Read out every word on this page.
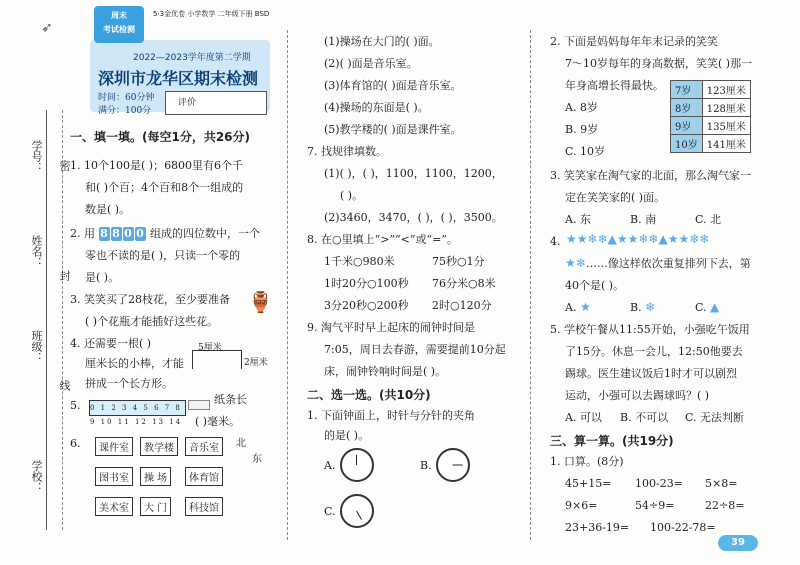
学号：
姓名：
班级：
学校：
密
封
线
➶
周末
考试检测
5·3金优卷 小学数学 二年级下册 BSD
2022—2023学年度第二学期
深圳市龙华区期末检测
时间：60分钟
满分：100分
评价
一、填一填。(每空1分，共26分)
1. 10个100是( )；6800里有6个千
和( )个百；4个百和8个一组成的
数是( )。
2. 用 8 8 0 0 组成的四位数中，一个
零也不读的是( )，只读一个零的
是( )。
3. 笑笑买了28枝花，至少要准备
( )个花瓶才能插好这些花。
🏺
4. 还需要一根( )
厘米长的小棒，才能
拼成一个长方形。
5厘米
2厘米
5. 0 1 2 3 4 5 6 7 8 9 10 11 12 13 14
纸条长
( )毫米。
6.	课件室	教学楼	音乐室
图书室	操 场	体育馆
美术室	大 门	科技馆
北
东
(1)操场在大门的( )面。
(2)( )面是音乐室。
(3)体育馆的( )面是音乐室。
(4)操场的东面是( )。
(5)教学楼的( )面是课件室。
7. 找规律填数。
(1)( )，( )，1100，1100，1200，
( )。
(2)3460，3470，( )，( )，3500。
8. 在○里填上“>”“<”或“=”。
1千米○980米	75秒○1分
1时20分○100秒 76分米○8米
3分20秒○200秒 2时○120分
9. 淘气平时早上起床的闹钟时间是
7:05，周日去春游，需要提前10分起
床，闹钟铃响时间是( )。
二、选一选。(共10分)
1. 下面钟面上，时针与分针的夹角
的是( )。
A.	B.
C.
2. 下面是妈妈每年年末记录的笑笑
7～10岁每年的身高数据，笑笑( )那一
年身高增长得最快。
A. 8岁
B. 9岁
C. 10岁
7岁	123厘米
8岁	128厘米
9岁	135厘米
10岁	141厘米
3. 笑笑家在淘气家的北面，那么淘气家一
定在笑笑家的( )面。
A. 东	B. 南	C. 北
4. ★★❄❄▲★★❄❄▲★★❄❄
★❄……像这样依次重复排列下去，第
40个是( )。
A. ★	B. ❄	C. ▲
5. 学校午餐从11:55开始，小强吃午饭用
了15分。休息一会儿，12:50他要去
踢球。医生建议饭后1时才可以剧烈
运动，小强可以去踢球吗？( )
A. 可以 B. 不可以 C. 无法判断
三、算一算。(共19分)
1. 口算。(8分)
45+15= 100-23= 5×8=
9×6=	54÷9=	22÷8=
23+36-19= 100-22-78=
39
